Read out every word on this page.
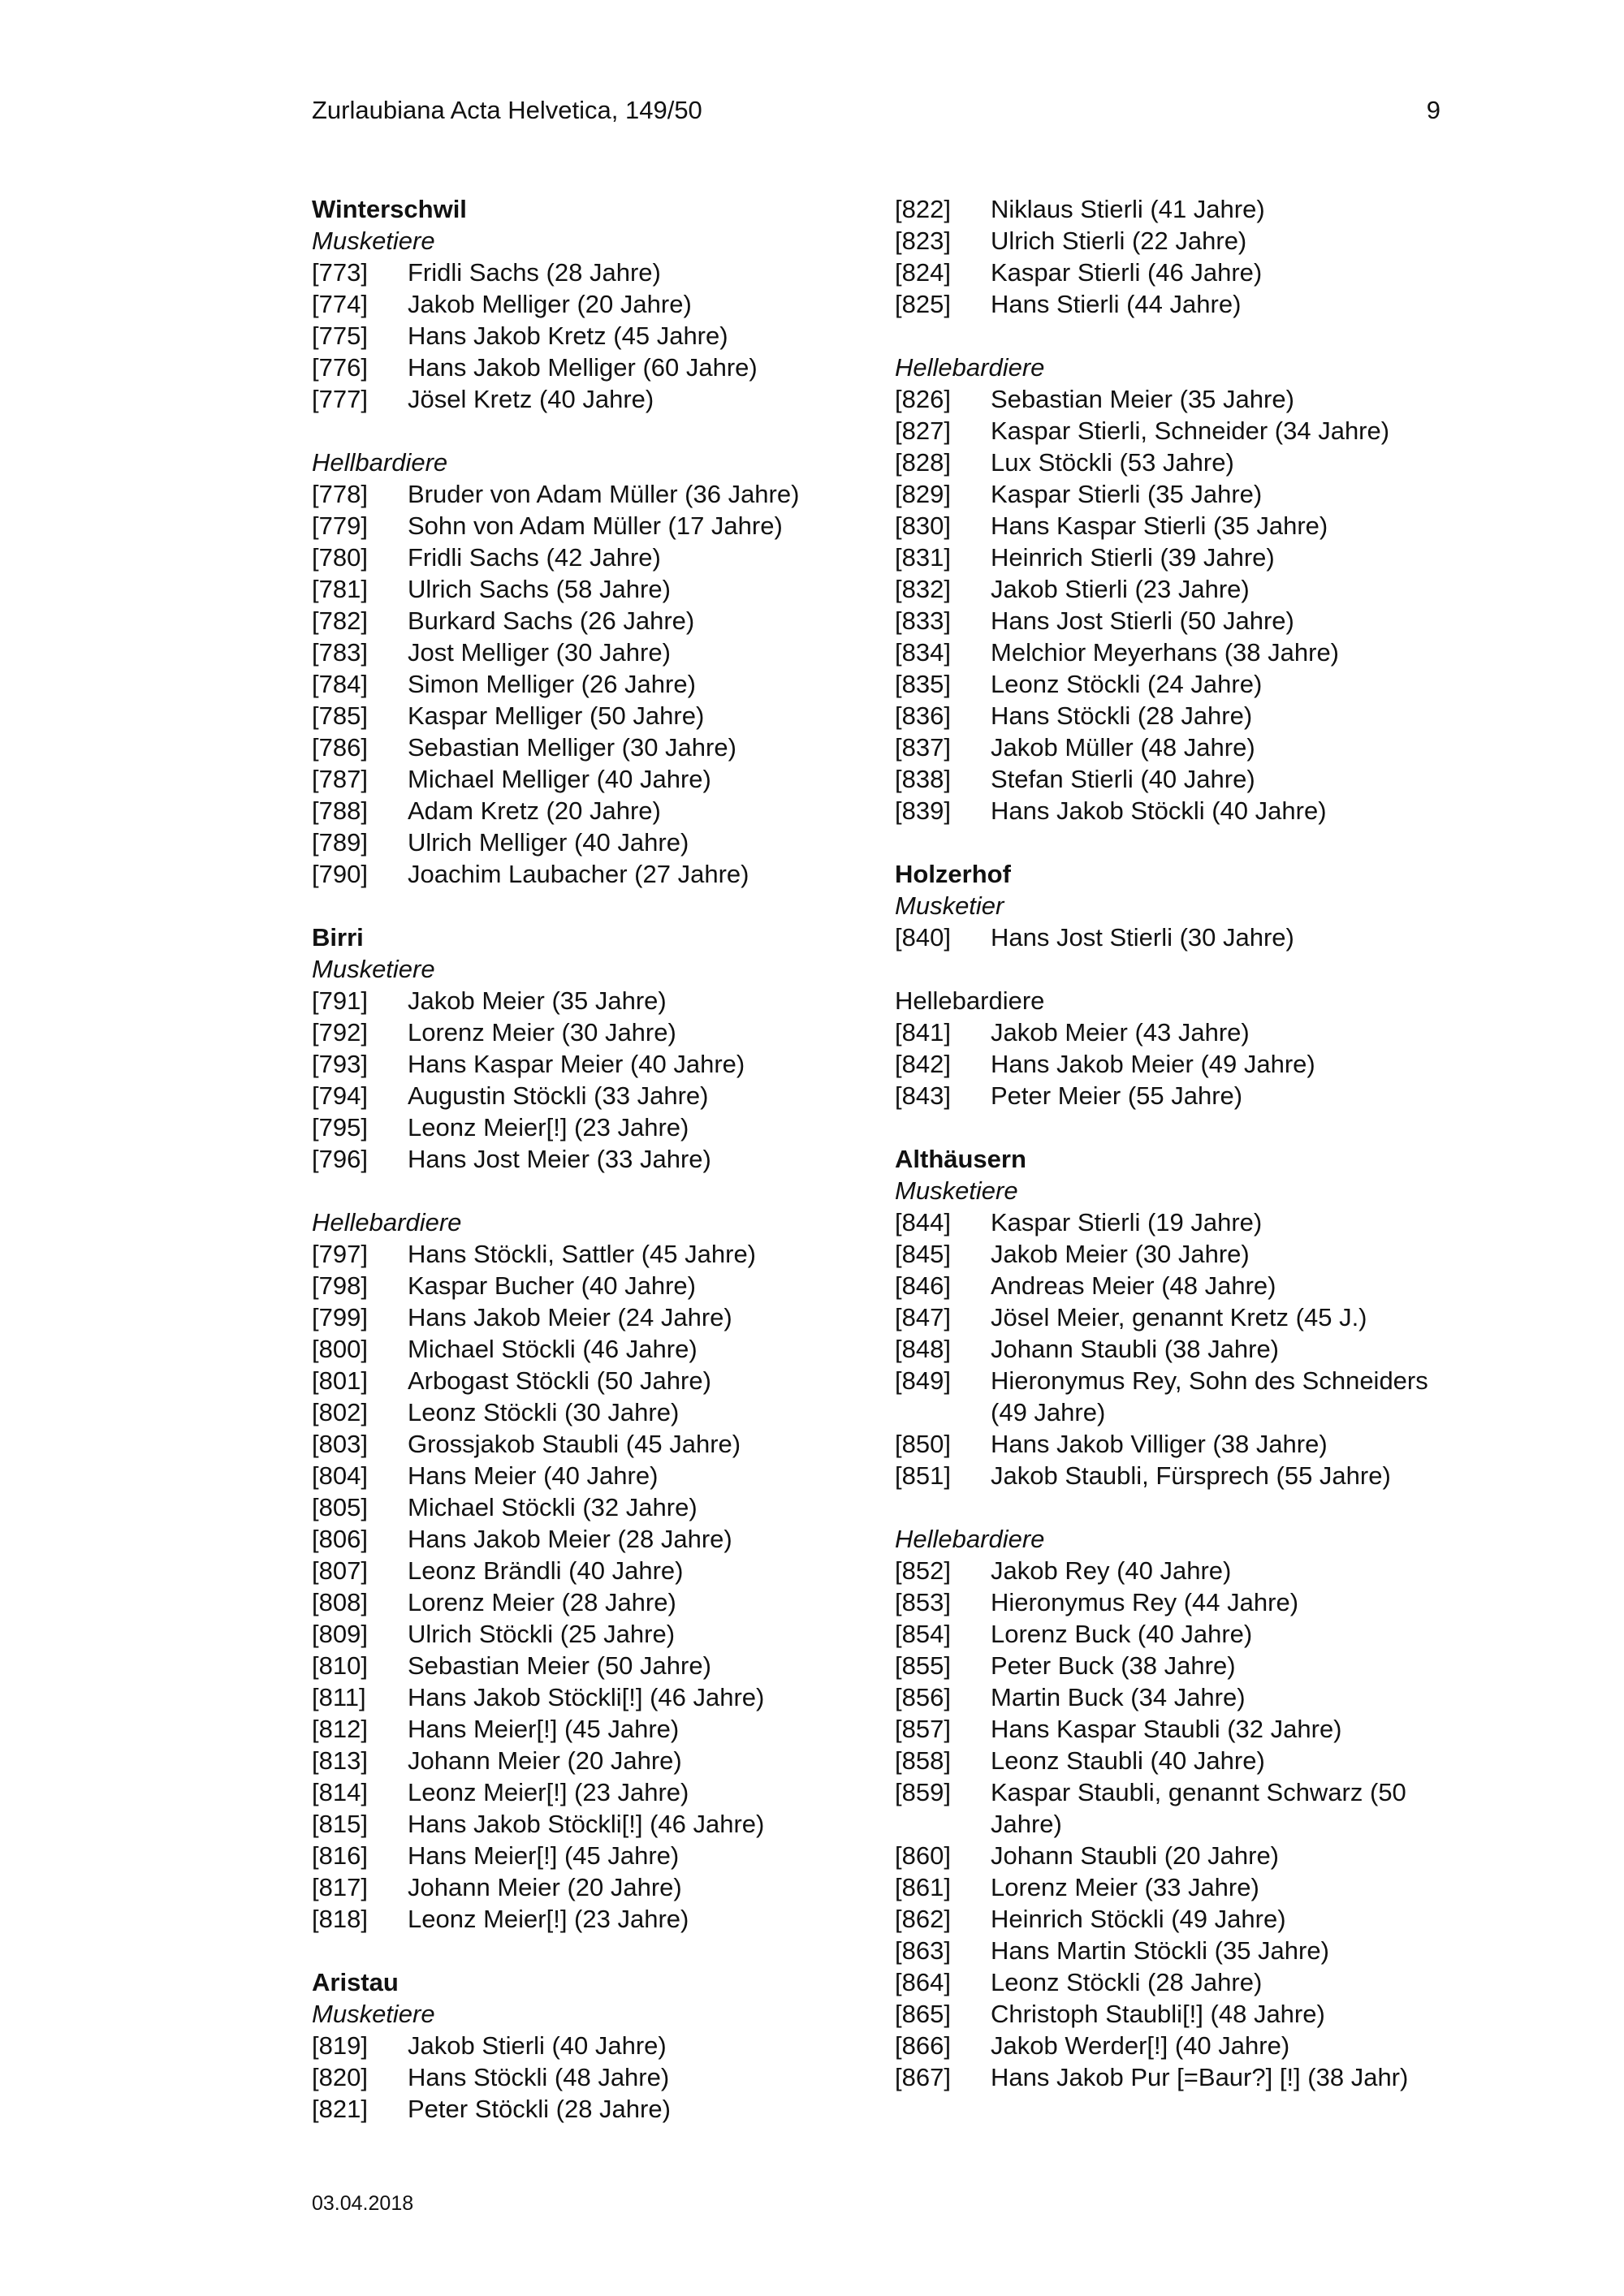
Zurlaubiana Acta Helvetica, 149/50	9
Winterschwil
Musketiere
[773]	Fridli Sachs (28 Jahre)
[774]	Jakob Melliger (20 Jahre)
[775]	Hans Jakob Kretz (45 Jahre)
[776]	Hans Jakob Melliger (60 Jahre)
[777]	Jösel Kretz (40 Jahre)
Hellbardiere
[778]	Bruder von Adam Müller (36 Jahre)
[779]	Sohn von Adam Müller (17 Jahre)
[780]	Fridli Sachs (42 Jahre)
[781]	Ulrich Sachs (58 Jahre)
[782]	Burkard Sachs (26 Jahre)
[783]	Jost Melliger (30 Jahre)
[784]	Simon Melliger (26 Jahre)
[785]	Kaspar Melliger (50 Jahre)
[786]	Sebastian Melliger (30 Jahre)
[787]	Michael Melliger (40 Jahre)
[788]	Adam Kretz (20 Jahre)
[789]	Ulrich Melliger (40 Jahre)
[790]	Joachim Laubacher (27 Jahre)
Birri
Musketiere
[791]	Jakob Meier (35 Jahre)
[792]	Lorenz Meier (30 Jahre)
[793]	Hans Kaspar Meier (40 Jahre)
[794]	Augustin Stöckli (33 Jahre)
[795]	Leonz Meier[!] (23 Jahre)
[796]	Hans Jost Meier (33 Jahre)
Hellebardiere
[797]	Hans Stöckli, Sattler (45 Jahre)
[798]	Kaspar Bucher (40 Jahre)
[799]	Hans Jakob Meier (24 Jahre)
[800]	Michael Stöckli (46 Jahre)
[801]	Arbogast Stöckli (50 Jahre)
[802]	Leonz Stöckli (30 Jahre)
[803]	Grossjakob Staubli (45 Jahre)
[804]	Hans Meier (40 Jahre)
[805]	Michael Stöckli (32 Jahre)
[806]	Hans Jakob Meier (28 Jahre)
[807]	Leonz Brändli (40 Jahre)
[808]	Lorenz Meier (28 Jahre)
[809]	Ulrich Stöckli (25 Jahre)
[810]	Sebastian Meier (50 Jahre)
[811]	Hans Jakob Stöckli[!] (46 Jahre)
[812]	Hans Meier[!] (45 Jahre)
[813]	Johann Meier (20 Jahre)
[814]	Leonz Meier[!] (23 Jahre)
[815]	Hans Jakob Stöckli[!] (46 Jahre)
[816]	Hans Meier[!] (45 Jahre)
[817]	Johann Meier (20 Jahre)
[818]	Leonz Meier[!] (23 Jahre)
Aristau
Musketiere
[819]	Jakob Stierli (40 Jahre)
[820]	Hans Stöckli (48 Jahre)
[821]	Peter Stöckli (28 Jahre)
[822]	Niklaus Stierli (41 Jahre)
[823]	Ulrich Stierli (22 Jahre)
[824]	Kaspar Stierli (46 Jahre)
[825]	Hans Stierli (44 Jahre)
Hellebardiere
[826]	Sebastian Meier (35 Jahre)
[827]	Kaspar Stierli, Schneider (34 Jahre)
[828]	Lux Stöckli (53 Jahre)
[829]	Kaspar Stierli (35 Jahre)
[830]	Hans Kaspar Stierli (35 Jahre)
[831]	Heinrich Stierli (39 Jahre)
[832]	Jakob Stierli (23 Jahre)
[833]	Hans Jost Stierli (50 Jahre)
[834]	Melchior Meyerhans (38 Jahre)
[835]	Leonz Stöckli (24 Jahre)
[836]	Hans Stöckli (28 Jahre)
[837]	Jakob Müller (48 Jahre)
[838]	Stefan Stierli (40 Jahre)
[839]	Hans Jakob Stöckli (40 Jahre)
Holzerhof
Musketier
[840]	Hans Jost Stierli (30 Jahre)
Hellebardiere
[841]	Jakob Meier (43 Jahre)
[842]	Hans Jakob Meier (49 Jahre)
[843]	Peter Meier (55 Jahre)
Althäusern
Musketiere
[844]	Kaspar Stierli (19 Jahre)
[845]	Jakob Meier (30 Jahre)
[846]	Andreas Meier (48 Jahre)
[847]	Jösel Meier, genannt Kretz (45 J.)
[848]	Johann Staubli (38 Jahre)
[849]	Hieronymus Rey, Sohn des Schneiders (49 Jahre)
[850]	Hans Jakob Villiger (38 Jahre)
[851]	Jakob Staubli, Fürsprech (55 Jahre)
Hellebardiere
[852]	Jakob Rey (40 Jahre)
[853]	Hieronymus Rey (44 Jahre)
[854]	Lorenz Buck (40 Jahre)
[855]	Peter Buck (38 Jahre)
[856]	Martin Buck (34 Jahre)
[857]	Hans Kaspar Staubli (32 Jahre)
[858]	Leonz Staubli (40 Jahre)
[859]	Kaspar Staubli, genannt Schwarz (50 Jahre)
[860]	Johann Staubli (20 Jahre)
[861]	Lorenz Meier (33 Jahre)
[862]	Heinrich Stöckli (49 Jahre)
[863]	Hans Martin Stöckli (35 Jahre)
[864]	Leonz Stöckli (28 Jahre)
[865]	Christoph Staubli[!] (48 Jahre)
[866]	Jakob Werder[!] (40 Jahre)
[867]	Hans Jakob Pur [=Baur?] [!] (38 Jahr)
03.04.2018
